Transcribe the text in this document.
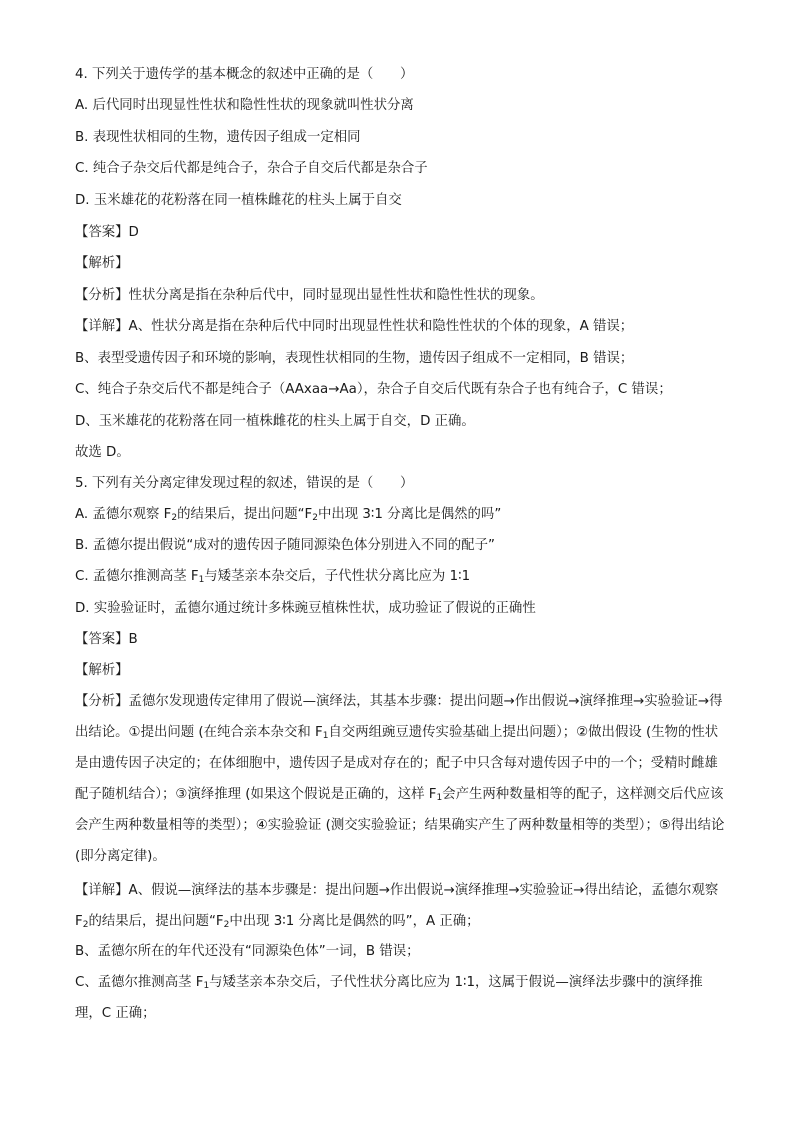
4. 下列关于遗传学的基本概念的叙述中正确的是（　　）
A. 后代同时出现显性性状和隐性性状的现象就叫性状分离
B. 表现性状相同的生物，遗传因子组成一定相同
C. 纯合子杂交后代都是纯合子，杂合子自交后代都是杂合子
D. 玉米雄花的花粉落在同一植株雌花的柱头上属于自交
【答案】D
【解析】
【分析】性状分离是指在杂种后代中，同时显现出显性性状和隐性性状的现象。
【详解】A、性状分离是指在杂种后代中同时出现显性性状和隐性性状的个体的现象，A 错误；
B、表型受遗传因子和环境的影响，表现性状相同的生物，遗传因子组成不一定相同，B 错误；
C、纯合子杂交后代不都是纯合子（AAxaa→Aa），杂合子自交后代既有杂合子也有纯合子，C 错误；
D、玉米雄花的花粉落在同一植株雌花的柱头上属于自交，D 正确。
故选 D。
5. 下列有关分离定律发现过程的叙述，错误的是（　　）
A. 孟德尔观察 $F_2$的结果后，提出问题“$F_2$中出现 3∶1 分离比是偶然的吗”
B. 孟德尔提出假说“成对的遗传因子随同源染色体分别进入不同的配子”
C. 孟德尔推测高茎 $F_1$与矮茎亲本杂交后，子代性状分离比应为 1∶1
D. 实验验证时，孟德尔通过统计多株豌豆植株性状，成功验证了假说的正确性
【答案】B
【解析】

【分析】孟德尔发现遗传定律用了假说—演绎法，其基本步骤：提出问题→作出假说→演绎推理→实验验证→得出结论。①提出问题 (在纯合亲本杂交和 $F_1$自交两组豌豆遗传实验基础上提出问题）；②做出假设 (生物的性状是由遗传因子决定的；在体细胞中，遗传因子是成对存在的；配子中只含每对遗传因子中的一个；受精时雌雄配子随机结合）；③演绎推理 (如果这个假说是正确的，这样 $F_1$会产生两种数量相等的配子，这样测交后代应该会产生两种数量相等的类型）；④实验验证 (测交实验验证；结果确实产生了两种数量相等的类型）；⑤得出结论 (即分离定律)。

【详解】A、假说—演绎法的基本步骤是：提出问题→作出假说→演绎推理→实验验证→得出结论，孟德尔观察 $F_2$的结果后，提出问题“$F_2$中出现 3∶1 分离比是偶然的吗”，A 正确；

B、孟德尔所在的年代还没有“同源染色体”一词，B 错误；

C、孟德尔推测高茎 $F_1$与矮茎亲本杂交后，子代性状分离比应为 1∶1，这属于假说—演绎法步骤中的演绎推理，C 正确；
